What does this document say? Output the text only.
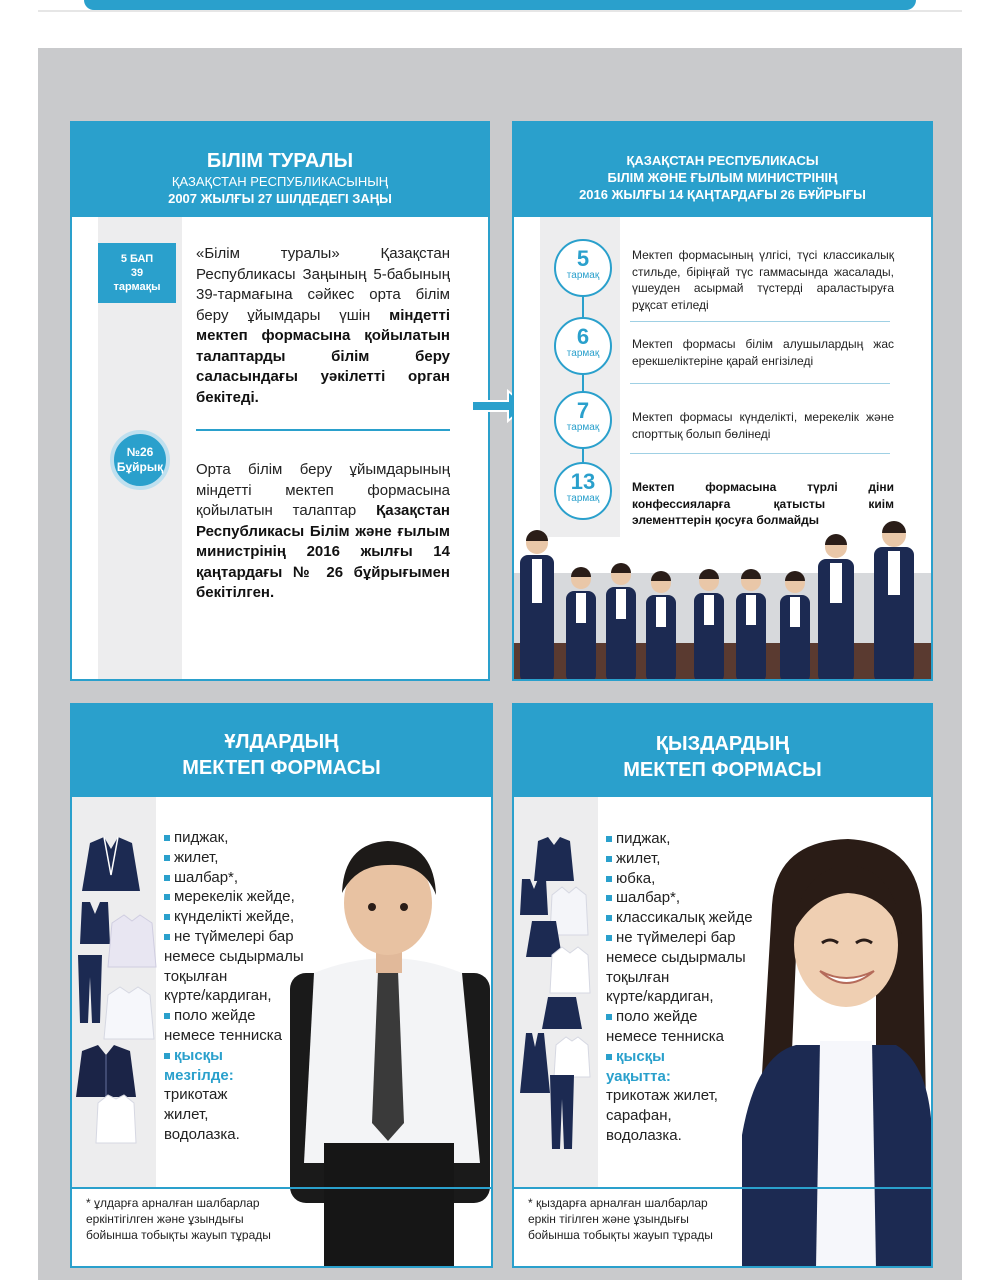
БІЛІМ ТУРАЛЫ
ҚАЗАҚСТАН РЕСПУБЛИКАСЫНЫҢ
2007 ЖЫЛҒЫ 27 ШІЛДЕДЕГІ ЗАҢЫ
5 БАП
39
тармақы
№26
Бұйрық
«Білім туралы» Қазақстан Республикасы Заңының 5-бабының 39-тармағына сәйкес орта білім беру ұйымдары үшін міндетті мектеп формасына қойылатын талаптарды білім беру саласындағы уәкілетті орган бекітеді.
Орта білім беру ұйымдарының міндетті мектеп формасына қойылатын талаптар Қазақстан Республикасы Білім және ғылым министрінің 2016 жылғы 14 қаңтардағы № 26 бұйрығымен бекітілген.
ҚАЗАҚСТАН РЕСПУБЛИКАСЫ
БІЛІМ ЖӘНЕ ҒЫЛЫМ МИНИСТРІНІҢ
2016 ЖЫЛҒЫ 14 ҚАҢТАРДАҒЫ 26 БҰЙРЫҒЫ
5
тармақ
6
тармақ
7
тармақ
13
тармақ
Мектеп формасының үлгісі, түсі классикалық стильде, біріңғай түс гаммасында жасалады, үшеуден асырмай түстерді араластыруға рұқсат етіледі
Мектеп формасы білім алушылардың жас ерекшеліктеріне қарай енгізіледі
Мектеп формасы күнделікті, мерекелік және спорттық болып бөлінеді
Мектеп формасына түрлі діни конфессияларға қатысты киім элементтерін қосуға болмайды
ҰЛДАРДЫҢ
МЕКТЕП ФОРМАСЫ
пиджак,
жилет,
шалбар*,
мерекелік жейде,
күнделікті жейде,
не түймелері бар
немесе сыдырмалы
тоқылған
күрте/кардиган,
поло жейде
немесе тенниска
қысқы
мезгілде:
трикотаж
жилет,
водолазка.
* ұлдарға арналған шалбарлар
еркінтігілген және ұзындығы
бойынша тобықты жауып тұрады
ҚЫЗДАРДЫҢ
МЕКТЕП ФОРМАСЫ
пиджак,
жилет,
юбка,
шалбар*,
классикалық жейде
не түймелері бар
немесе сыдырмалы
тоқылған
күрте/кардиган,
поло жейде
немесе тенниска
қысқы
уақытта:
трикотаж жилет,
сарафан,
водолазка.
* қыздарға арналған шалбарлар
еркін тігілген және ұзындығы
бойынша тобықты жауып тұрады
